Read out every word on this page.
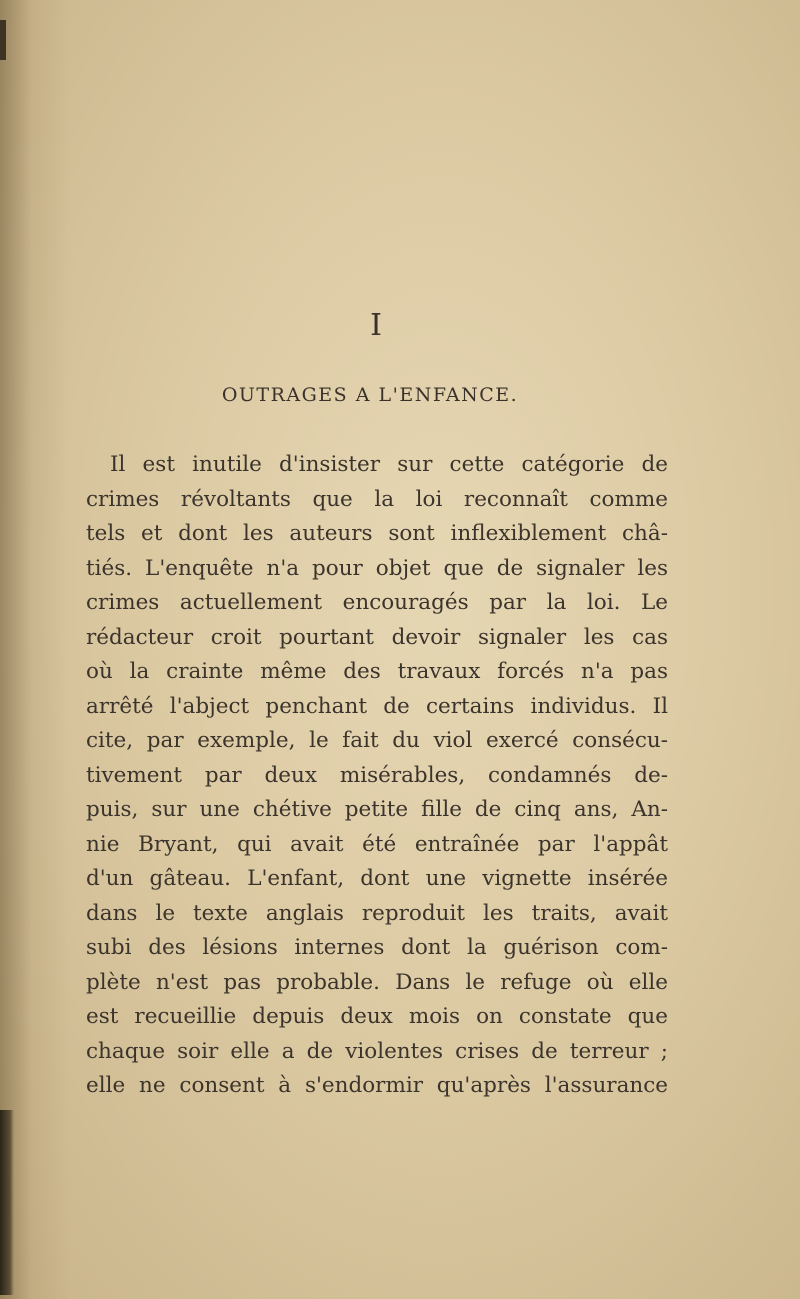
I
OUTRAGES A L'ENFANCE.
Il est inutile d'insister sur cette catégorie de
crimes révoltants que la loi reconnaît comme
tels et dont les auteurs sont inflexiblement châ-
tiés. L'enquête n'a pour objet que de signaler les
crimes actuellement encouragés par la loi. Le
rédacteur croit pourtant devoir signaler les cas
où la crainte même des travaux forcés n'a pas
arrêté l'abject penchant de certains individus. Il
cite, par exemple, le fait du viol exercé consécu-
tivement par deux misérables, condamnés de-
puis, sur une chétive petite fille de cinq ans, An-
nie Bryant, qui avait été entraînée par l'appât
d'un gâteau. L'enfant, dont une vignette insérée
dans le texte anglais reproduit les traits, avait
subi des lésions internes dont la guérison com-
plète n'est pas probable. Dans le refuge où elle
est recueillie depuis deux mois on constate que
chaque soir elle a de violentes crises de terreur ;
elle ne consent à s'endormir qu'après l'assurance
